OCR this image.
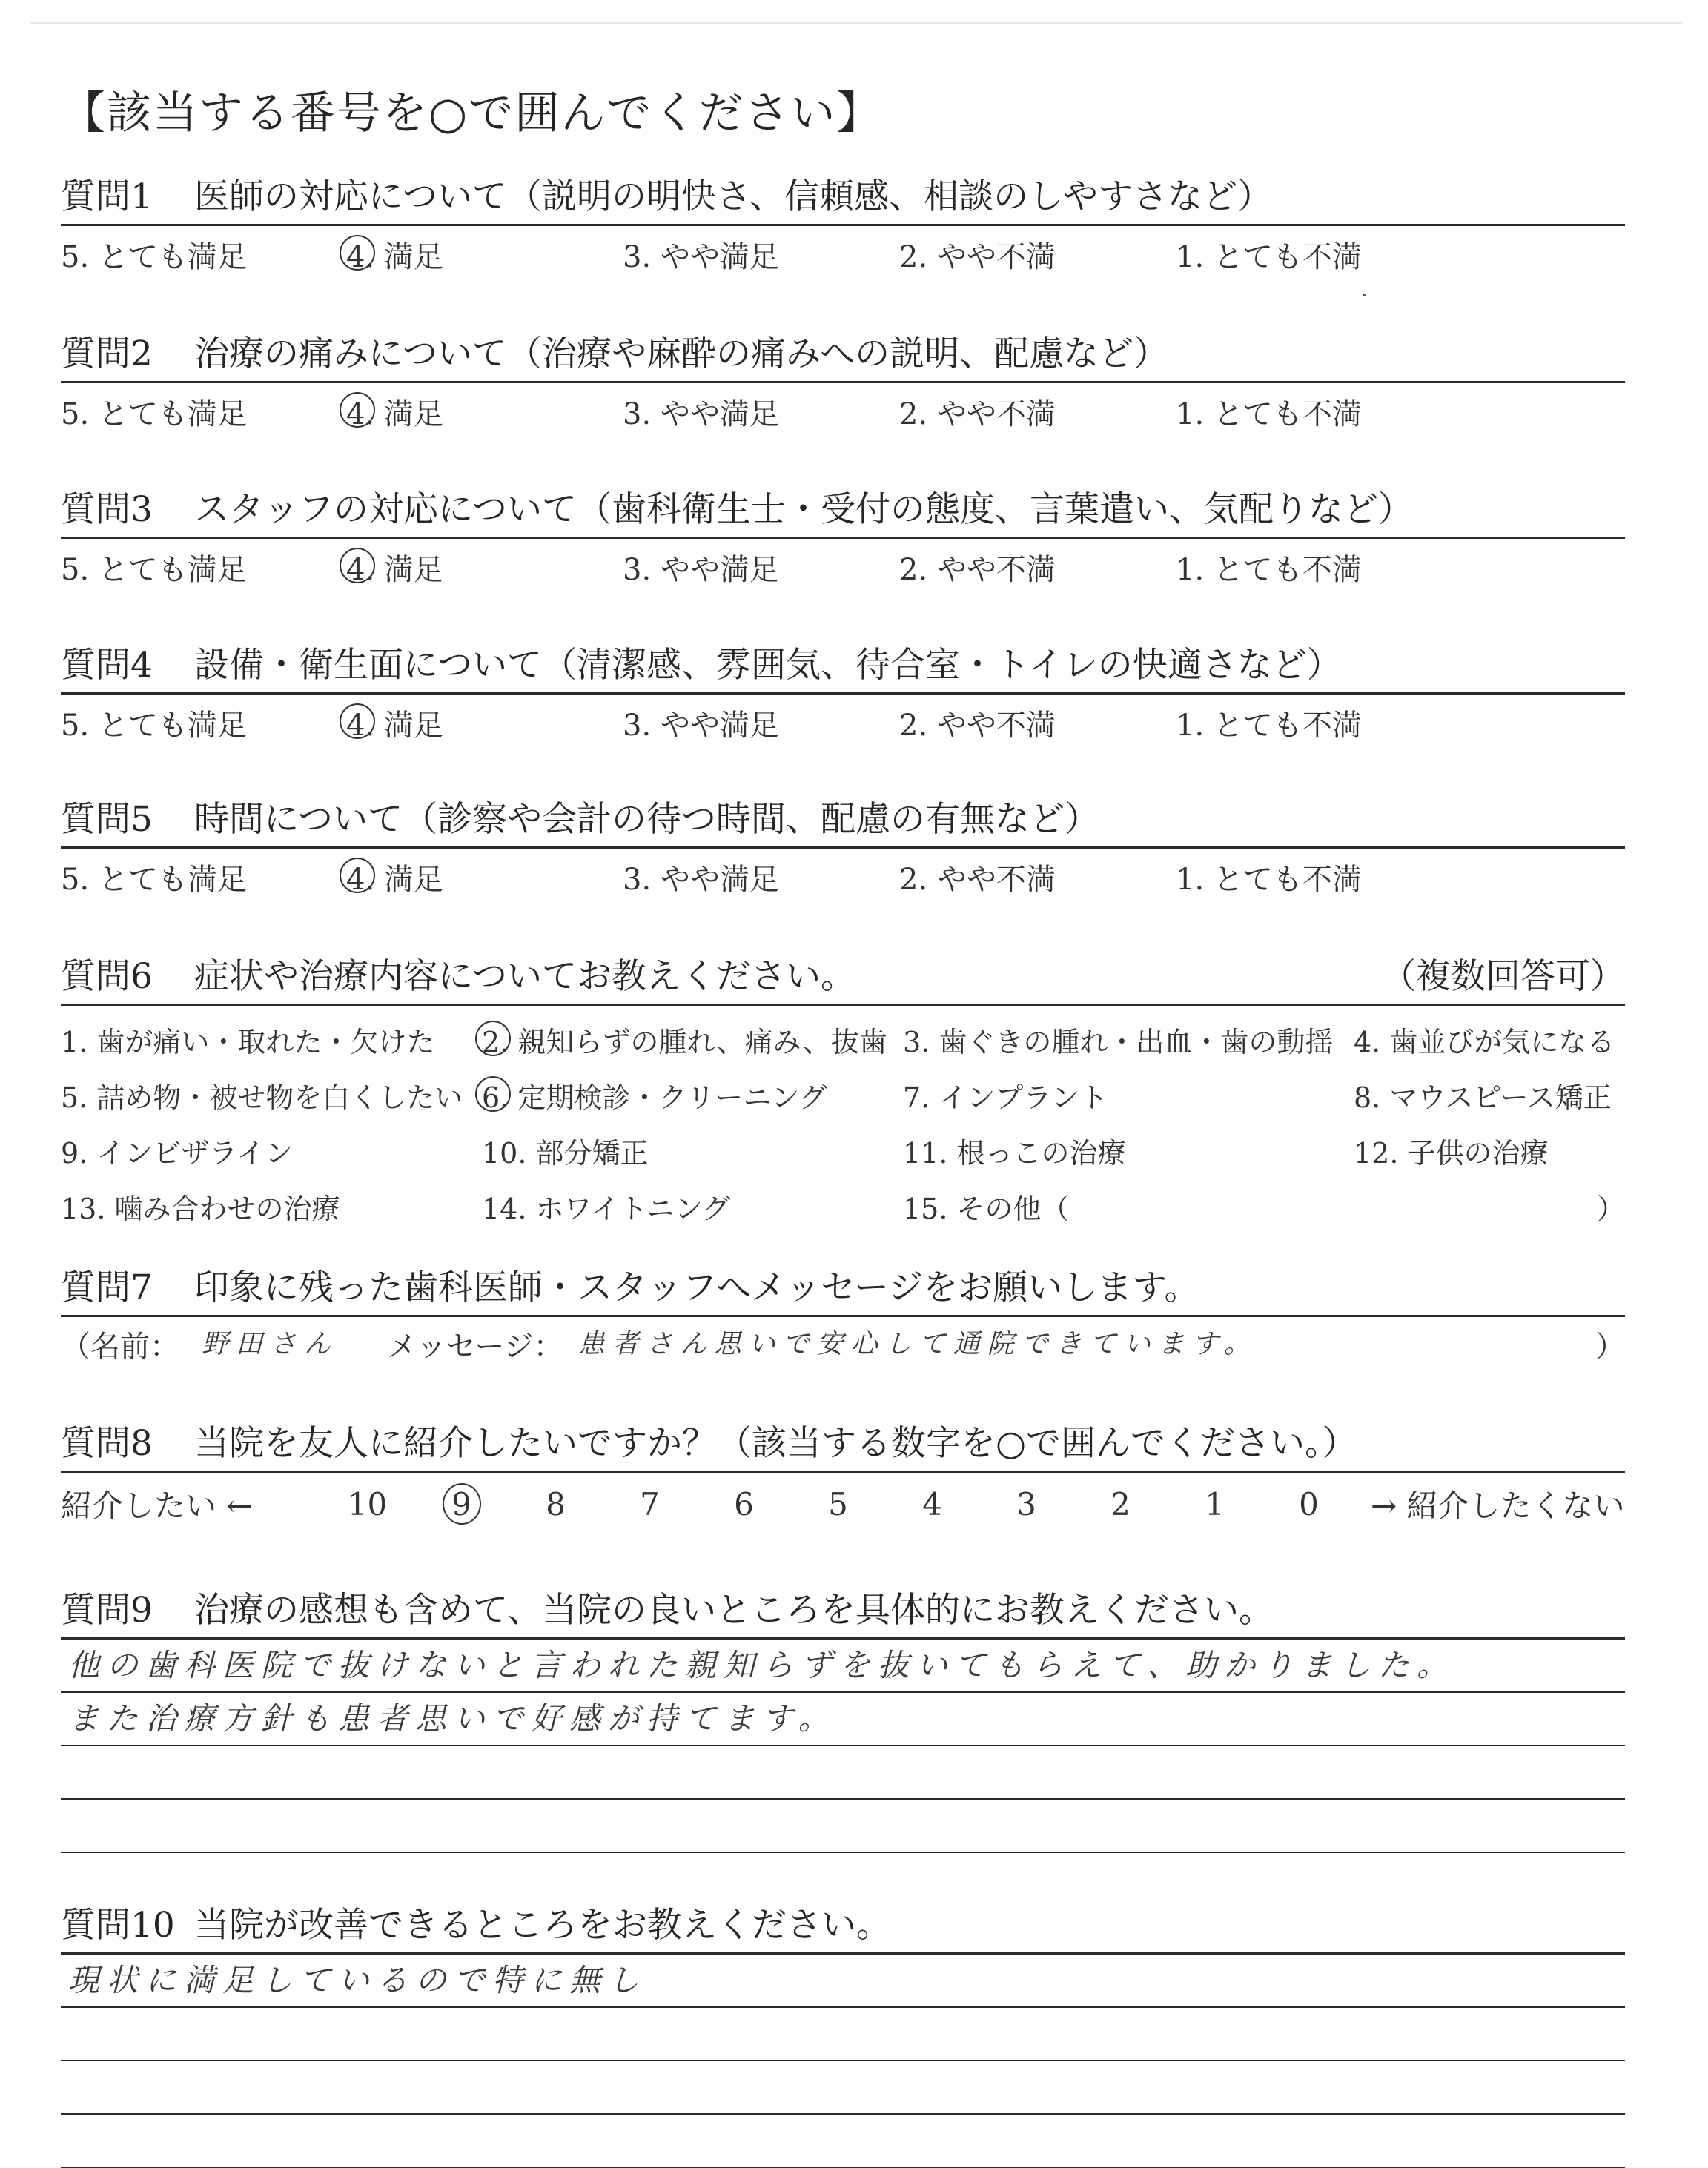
【該当する番号を○で囲んでください】
質問1	医師の対応について（説明の明快さ、信頼感、相談のしやすさなど）
5. とても満足	4. 満足	3. やや満足	2. やや不満	1. とても不満
質問2	治療の痛みについて（治療や麻酔の痛みへの説明、配慮など）
5. とても満足	4. 満足	3. やや満足	2. やや不満	1. とても不満
質問3	スタッフの対応について（歯科衛生士・受付の態度、言葉遣い、気配りなど）
5. とても満足	4. 満足	3. やや満足	2. やや不満	1. とても不満
質問4	設備・衛生面について（清潔感、雰囲気、待合室・トイレの快適さなど）
5. とても満足	4. 満足	3. やや満足	2. やや不満	1. とても不満
質問5	時間について（診察や会計の待つ時間、配慮の有無など）
5. とても満足	4. 満足	3. やや満足	2. やや不満	1. とても不満
質問6	症状や治療内容についてお教えください。	（複数回答可）
1. 歯が痛い・取れた・欠けた	2. 親知らずの腫れ、痛み、抜歯 3. 歯ぐきの腫れ・出血・歯の動揺 4. 歯並びが気になる
5. 詰め物・被せ物を白くしたい 6. 定期検診・クリーニング	7. インプラント	8. マウスピース矯正
9. インビザライン	10. 部分矯正	11. 根っこの治療	12. 子供の治療
13. 噛み合わせの治療	14. ホワイトニング	15. その他（	）
質問7	印象に残った歯科医師・スタッフへメッセージをお願いします。
（名前： 野田さん	メッセージ： 患者さん思いで安心して通院できています。	）
質問8	当院を友人に紹介したいですか？（該当する数字を○で囲んでください。）
紹介したい ←	10	9	8	7	6	5	4	3	2	1	0	→ 紹介したくない
質問9	治療の感想も含めて、当院の良いところを具体的にお教えください。
他の歯科医院で抜けないと言われた親知らずを抜いてもらえて、助かりました。
また治療方針も患者思いで好感が持てます。
質問10 当院が改善できるところをお教えください。
現状に満足しているので特に無し
